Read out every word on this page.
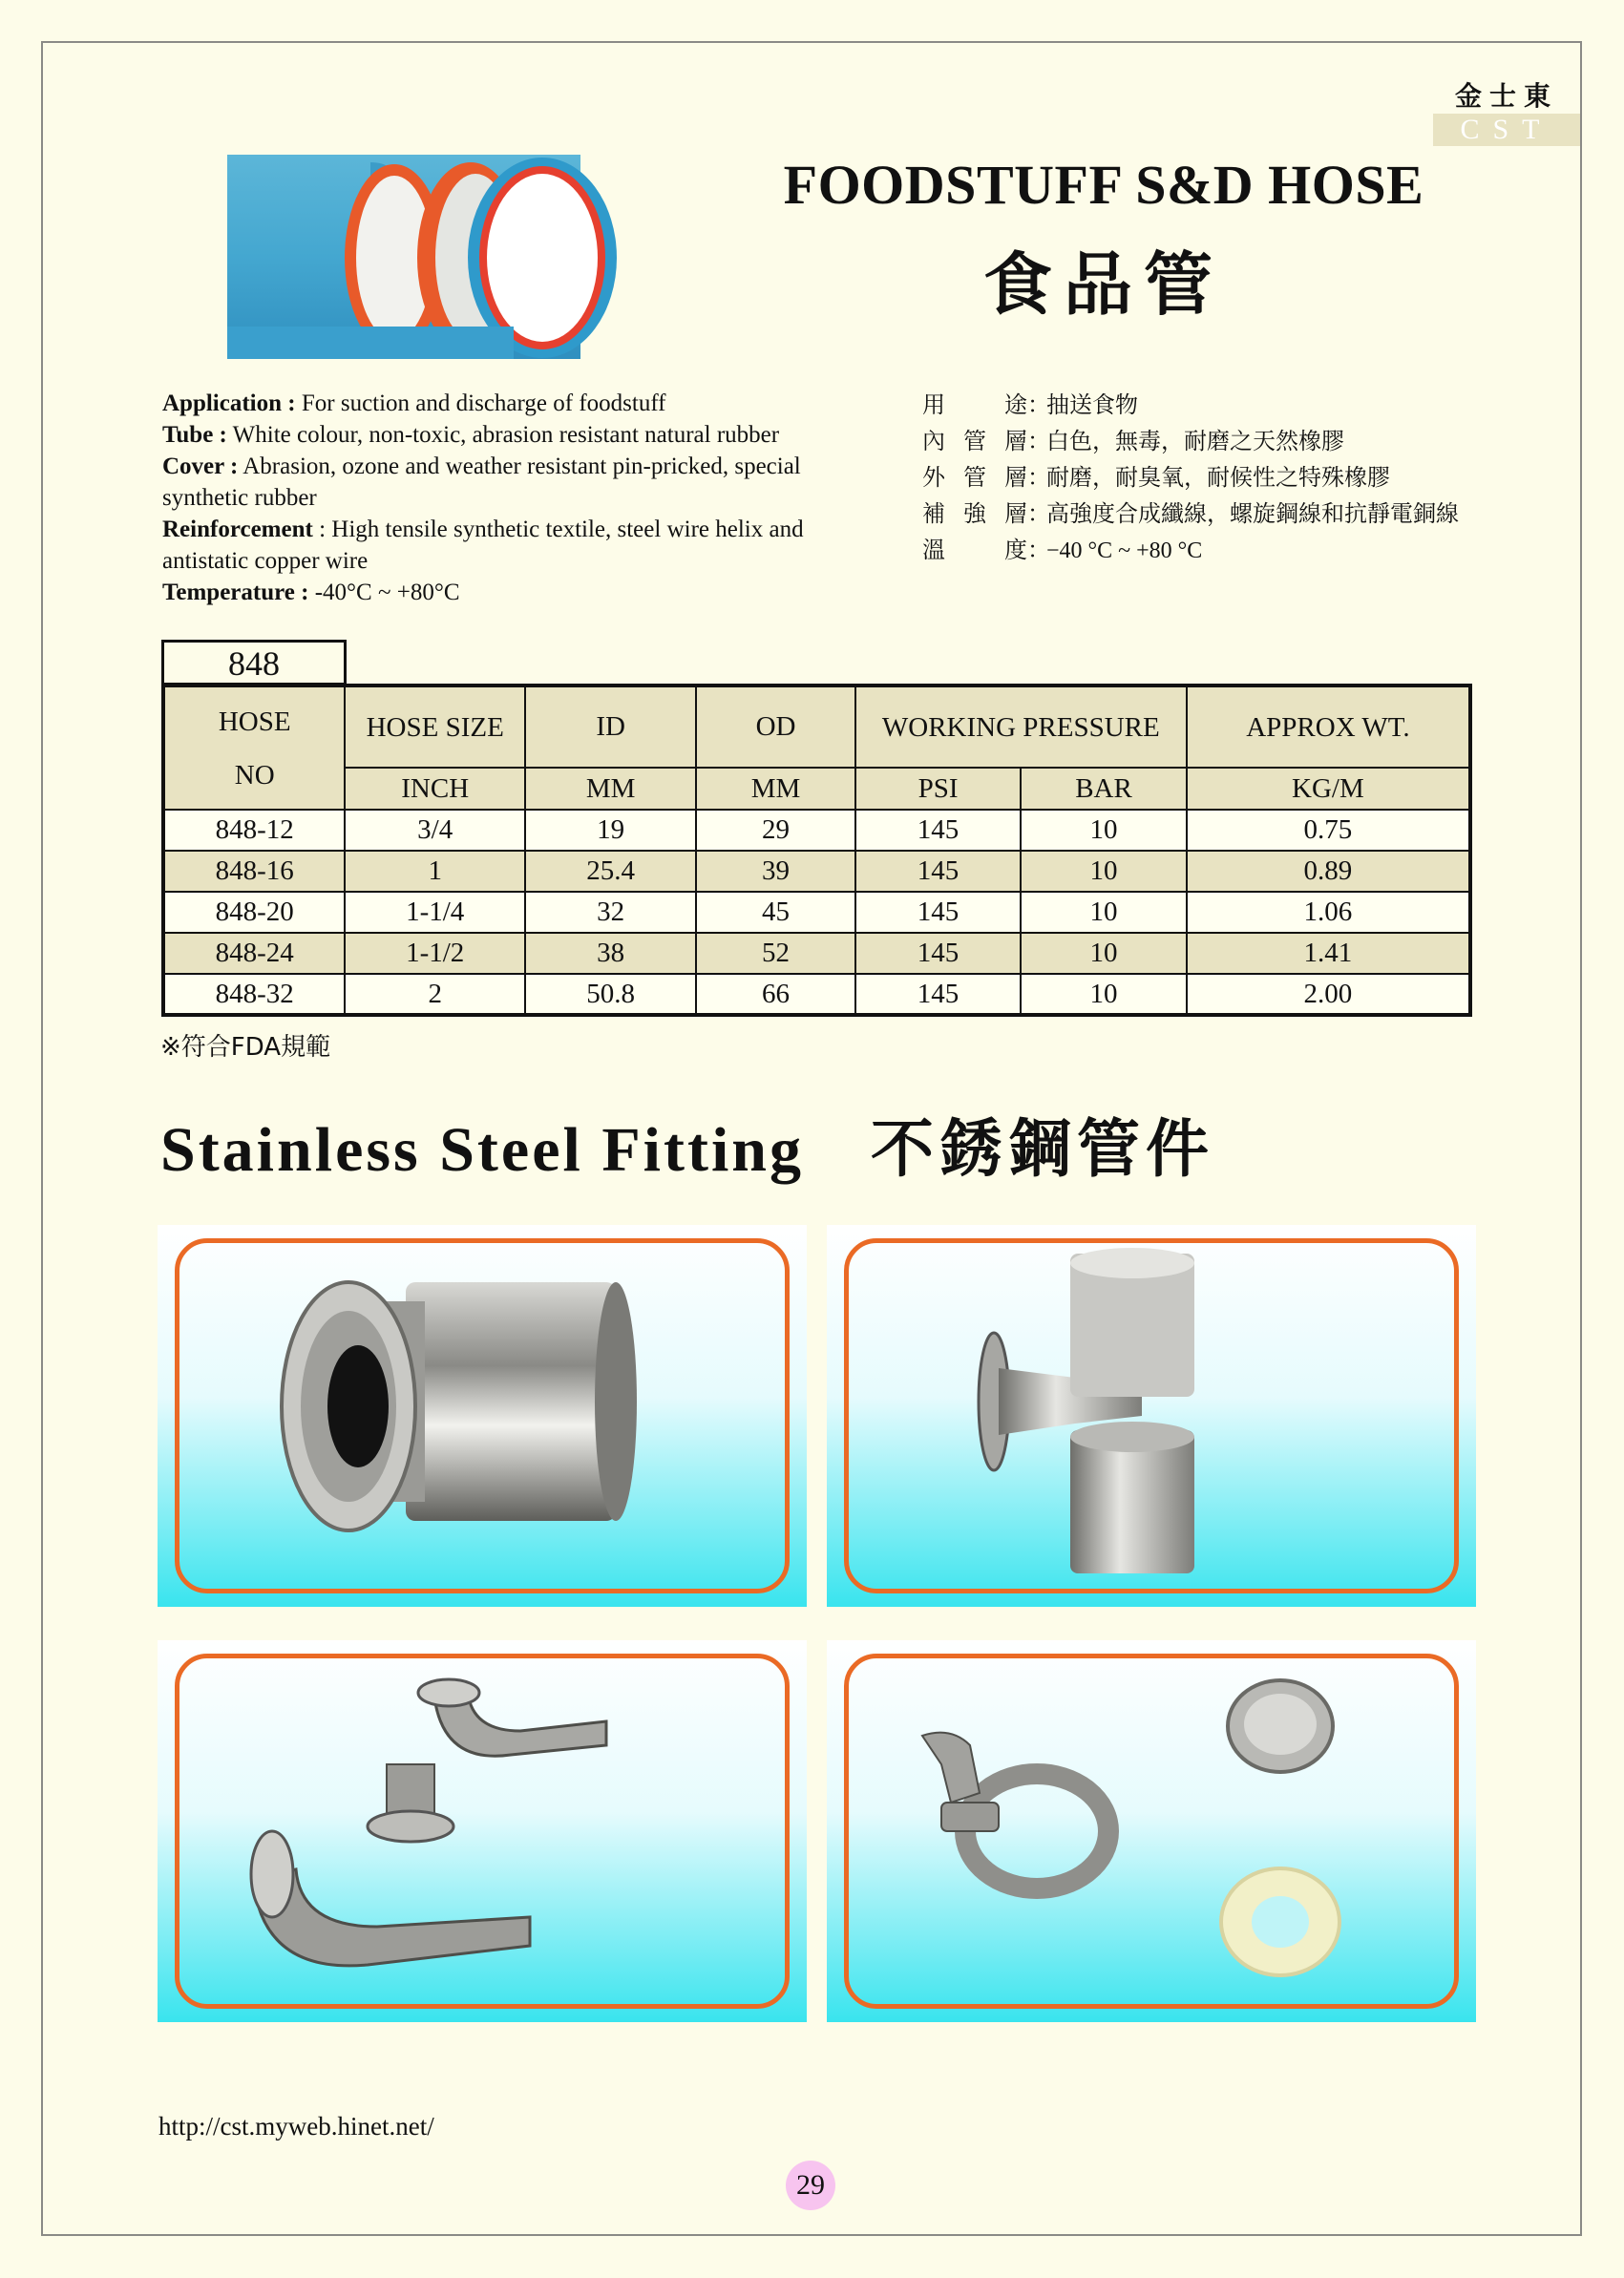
金士東
CST
FOODSTUFF S&D HOSE
食品管

Application : For suction and discharge of foodstuff

Tube : White colour, non-toxic, abrasion resistant natural rubber

Cover : Abrasion, ozone and weather resistant pin-pricked, special synthetic rubber

Reinforcement : High tensile synthetic textile, steel wire helix and antistatic copper wire

Temperature : -40°C ~ +80°C

用途 ：
抽送食物
內管層 ：
白色，無毒，耐磨之天然橡膠
外管層 ：
耐磨，耐臭氧，耐候性之特殊橡膠
補強層 ：
高強度合成纖線，螺旋鋼線和抗靜電銅線
溫度 ：
−40 °C ~ +80 °C
848
HOSE
NO	HOSE SIZE	ID	OD	WORKING PRESSURE		APPROX WT.
	INCH	MM	MM	PSI	BAR	KG/M
848-12	3/4	19	29	145	10	0.75
848-16	1	25.4	39	145	10	0.89
848-20	1-1/4	32	45	145	10	1.06
848-24	1-1/2	38	52	145	10	1.41
848-32	2	50.8	66	145	10	2.00
※符合FDA規範
Stainless Steel Fitting 不銹鋼管件
http://cst.myweb.hinet.net/
29
